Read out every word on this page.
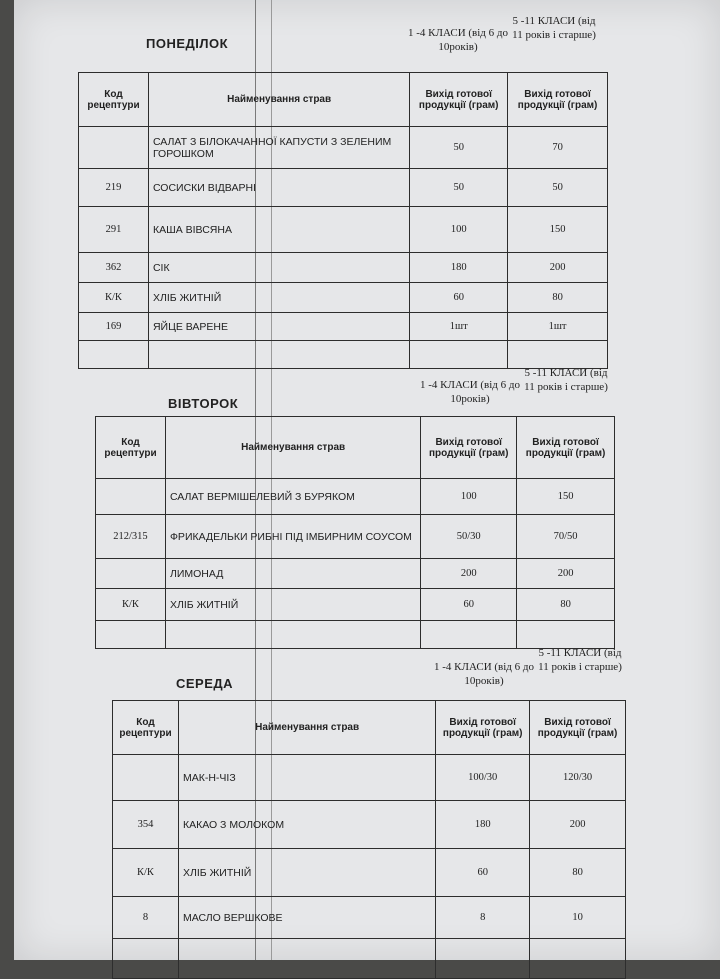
ПОНЕДІЛОК
1 -4 КЛАСИ (від 6 до 10років)
5 -11 КЛАСИ (від 11 років і старше)
Код рецептури	Найменування страв	Вихід готової продукції (грам)	Вихід готової продукції (грам)
	САЛАТ З БІЛОКАЧАННОЇ КАПУСТИ З ЗЕЛЕНИМ ГОРОШКОМ	50	70
219	СОСИСКИ ВІДВАРНІ	50	50
291	КАША ВІВСЯНА	100	150
362	СІК	180	200
К/К	ХЛІБ ЖИТНІЙ	60	80
169	ЯЙЦЕ ВАРЕНЕ	1шт	1шт

ВІВТОРОК
1 -4 КЛАСИ (від 6 до 10років)
5 -11 КЛАСИ (від 11 років і старше)
Код рецептури	Найменування страв	Вихід готової продукції (грам)	Вихід готової продукції (грам)
	САЛАТ ВЕРМІШЕЛЕВИЙ З БУРЯКОМ	100	150
212/315	ФРИКАДЕЛЬКИ РИБНІ ПІД ІМБИРНИМ СОУСОМ	50/30	70/50
	ЛИМОНАД	200	200
К/К	ХЛІБ ЖИТНІЙ	60	80

СЕРЕДА
1 -4 КЛАСИ (від 6 до 10років)
5 -11 КЛАСИ (від 11 років і старше)
Код рецептури	Найменування страв	Вихід готової продукції (грам)	Вихід готової продукції (грам)
	МАК-Н-ЧІЗ	100/30	120/30
354	КАКАО З МОЛОКОМ	180	200
К/К	ХЛІБ ЖИТНІЙ	60	80
8	МАСЛО ВЕРШКОВЕ	8	10
